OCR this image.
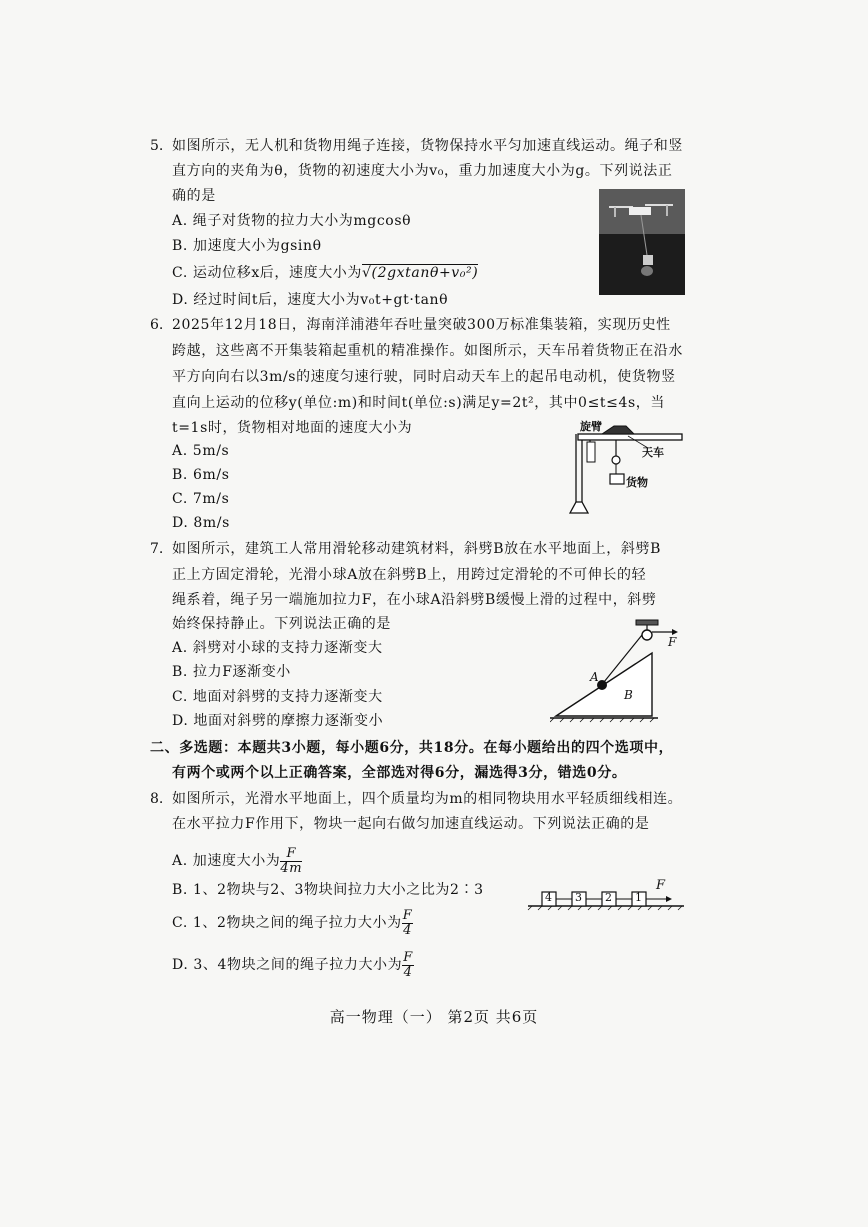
5. 如图所示，无人机和货物用绳子连接，货物保持水平匀加速直线运动。绳子和竖
直方向的夹角为θ，货物的初速度大小为v₀，重力加速度大小为g。下列说法正
确的是
A. 绳子对货物的拉力大小为mgcosθ
B. 加速度大小为gsinθ
C. 运动位移x后，速度大小为√(2gxtanθ+v₀²)
D. 经过时间t后，速度大小为v₀t+gt·tanθ
6. 2025年12月18日，海南洋浦港年吞吐量突破300万标准集装箱，实现历史性
跨越，这些离不开集装箱起重机的精准操作。如图所示，天车吊着货物正在沿水
平方向向右以3m/s的速度匀速行驶，同时启动天车上的起吊电动机，使货物竖
直向上运动的位移y(单位:m)和时间t(单位:s)满足y=2t²，其中0≤t≤4s，当
t=1s时，货物相对地面的速度大小为
A. 5m/s
B. 6m/s
C. 7m/s
D. 8m/s
旋臂
天车
货物
7. 如图所示，建筑工人常用滑轮移动建筑材料，斜劈B放在水平地面上，斜劈B
正上方固定滑轮，光滑小球A放在斜劈B上，用跨过定滑轮的不可伸长的轻
绳系着，绳子另一端施加拉力F，在小球A沿斜劈B缓慢上滑的过程中，斜劈
始终保持静止。下列说法正确的是
A. 斜劈对小球的支持力逐渐变大
B. 拉力F逐渐变小
C. 地面对斜劈的支持力逐渐变大
D. 地面对斜劈的摩擦力逐渐变小
A
B
F
二、多选题：本题共3小题，每小题6分，共18分。在每小题给出的四个选项中，
有两个或两个以上正确答案，全部选对得6分，漏选得3分，错选0分。
8. 如图所示，光滑水平地面上，四个质量均为m的相同物块用水平轻质细线相连。
在水平拉力F作用下，物块一起向右做匀加速直线运动。下列说法正确的是
A. 加速度大小为 $\frac{F}{4m}$
B. 1、2物块与2、3物块间拉力大小之比为2∶3
C. 1、2物块之间的绳子拉力大小为 $\frac{F}{4}$
D. 3、4物块之间的绳子拉力大小为 $\frac{F}{4}$
4 3 2 1
F
高一物理（一） 第2页 共6页
